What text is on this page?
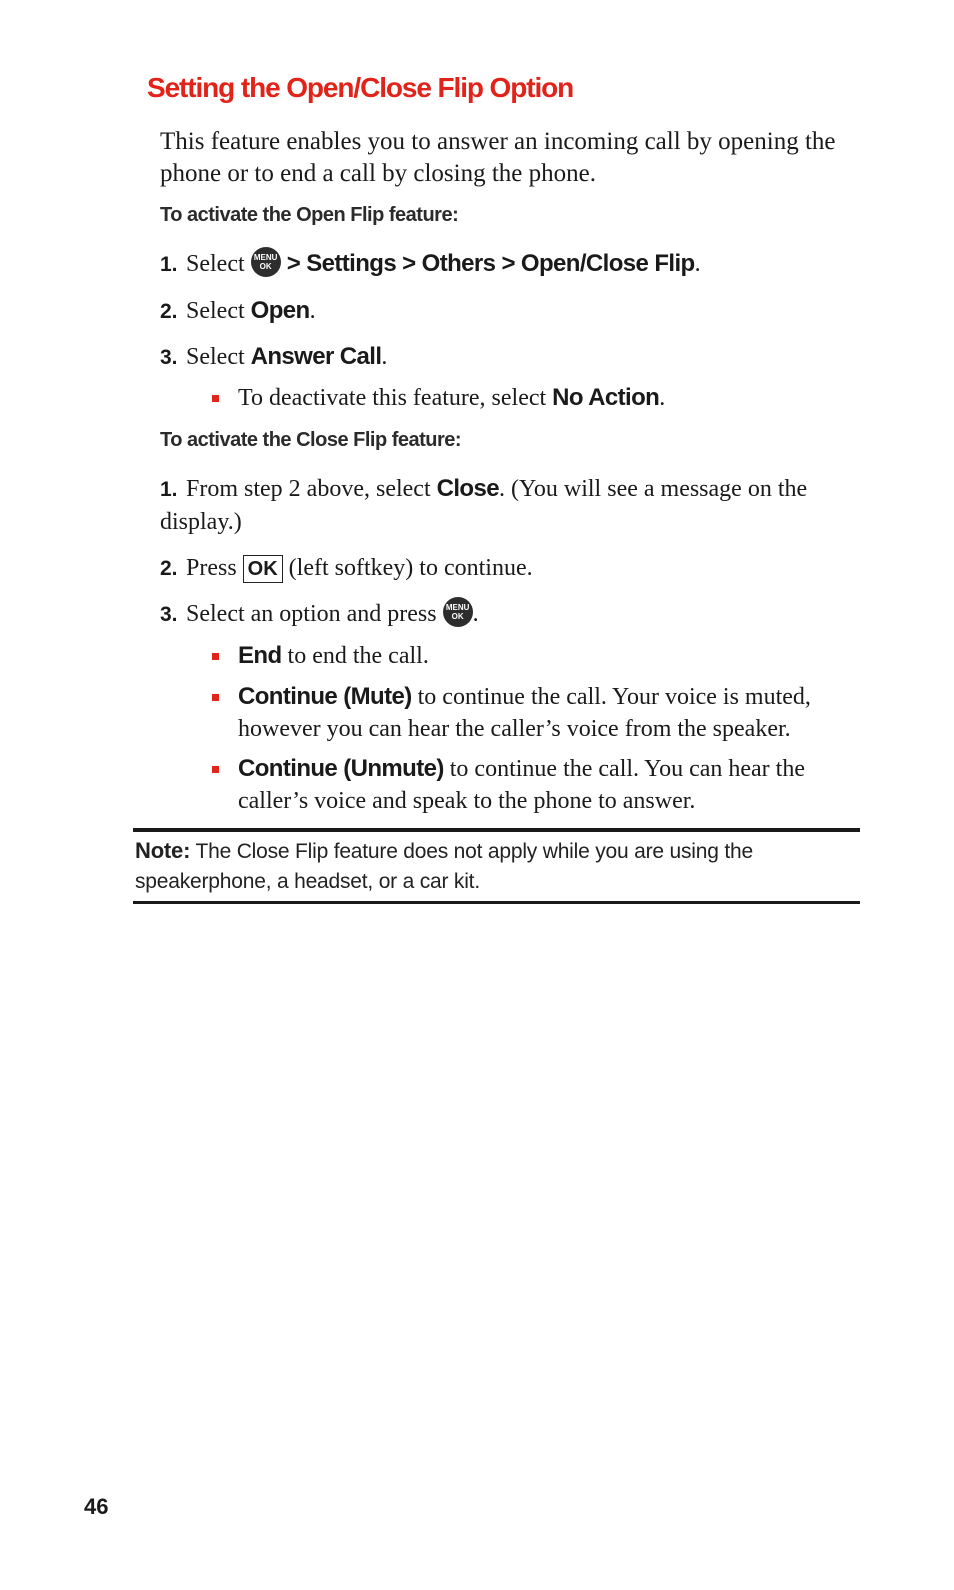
Setting the Open/Close Flip Option
This feature enables you to answer an incoming call by opening the phone or to end a call by closing the phone.
To activate the Open Flip feature:
1. Select MENU
OK > Settings > Others > Open/Close Flip.
2. Select Open.
3. Select Answer Call.
To deactivate this feature, select No Action.
To activate the Close Flip feature:
1. From step 2 above, select Close. (You will see a message on the display.)
2. Press OK (left softkey) to continue.
3. Select an option and press MENU
OK .
End to end the call.
Continue (Mute) to continue the call. Your voice is muted, however you can hear the caller’s voice from the speaker.
Continue (Unmute) to continue the call. You can hear the caller’s voice and speak to the phone to answer.
Note: The Close Flip feature does not apply while you are using the speakerphone, a headset, or a car kit.
46
